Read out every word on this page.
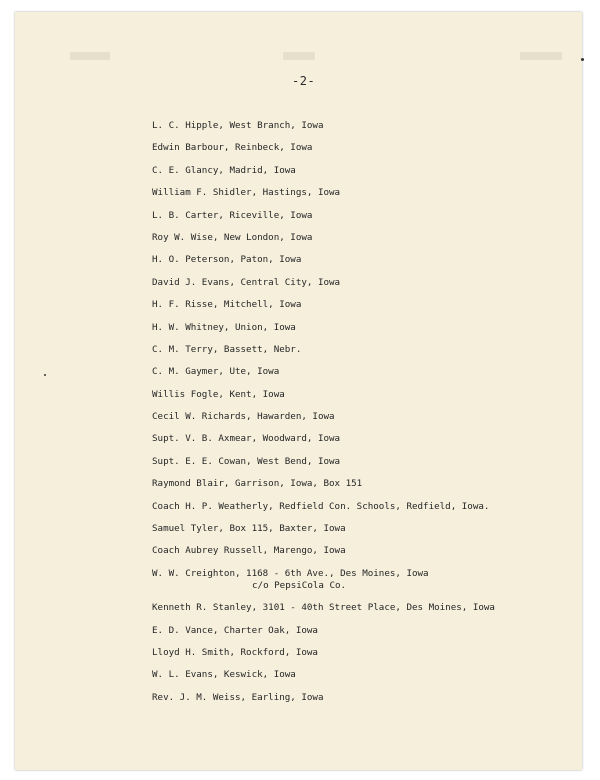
-2-
L. C. Hipple, West Branch, Iowa
Edwin Barbour, Reinbeck, Iowa
C. E. Glancy, Madrid, Iowa
William F. Shidler, Hastings, Iowa
L. B. Carter, Riceville, Iowa
Roy W. Wise, New London, Iowa
H. O. Peterson, Paton, Iowa
David J. Evans, Central City, Iowa
H. F. Risse, Mitchell, Iowa
H. W. Whitney, Union, Iowa
C. M. Terry, Bassett, Nebr.
C. M. Gaymer, Ute, Iowa
Willis Fogle, Kent, Iowa
Cecil W. Richards, Hawarden, Iowa
Supt. V. B. Axmear, Woodward, Iowa
Supt. E. E. Cowan, West Bend, Iowa
Raymond Blair, Garrison, Iowa, Box 151
Coach H. P. Weatherly, Redfield Con. Schools, Redfield, Iowa.
Samuel Tyler, Box 115, Baxter, Iowa
Coach Aubrey Russell, Marengo, Iowa
W. W. Creighton, 1168 - 6th Ave., Des Moines, Iowa
c/o PepsiCola Co.
Kenneth R. Stanley, 3101 - 40th Street Place, Des Moines, Iowa
E. D. Vance, Charter Oak, Iowa
Lloyd H. Smith, Rockford, Iowa
W. L. Evans, Keswick, Iowa
Rev. J. M. Weiss, Earling, Iowa
